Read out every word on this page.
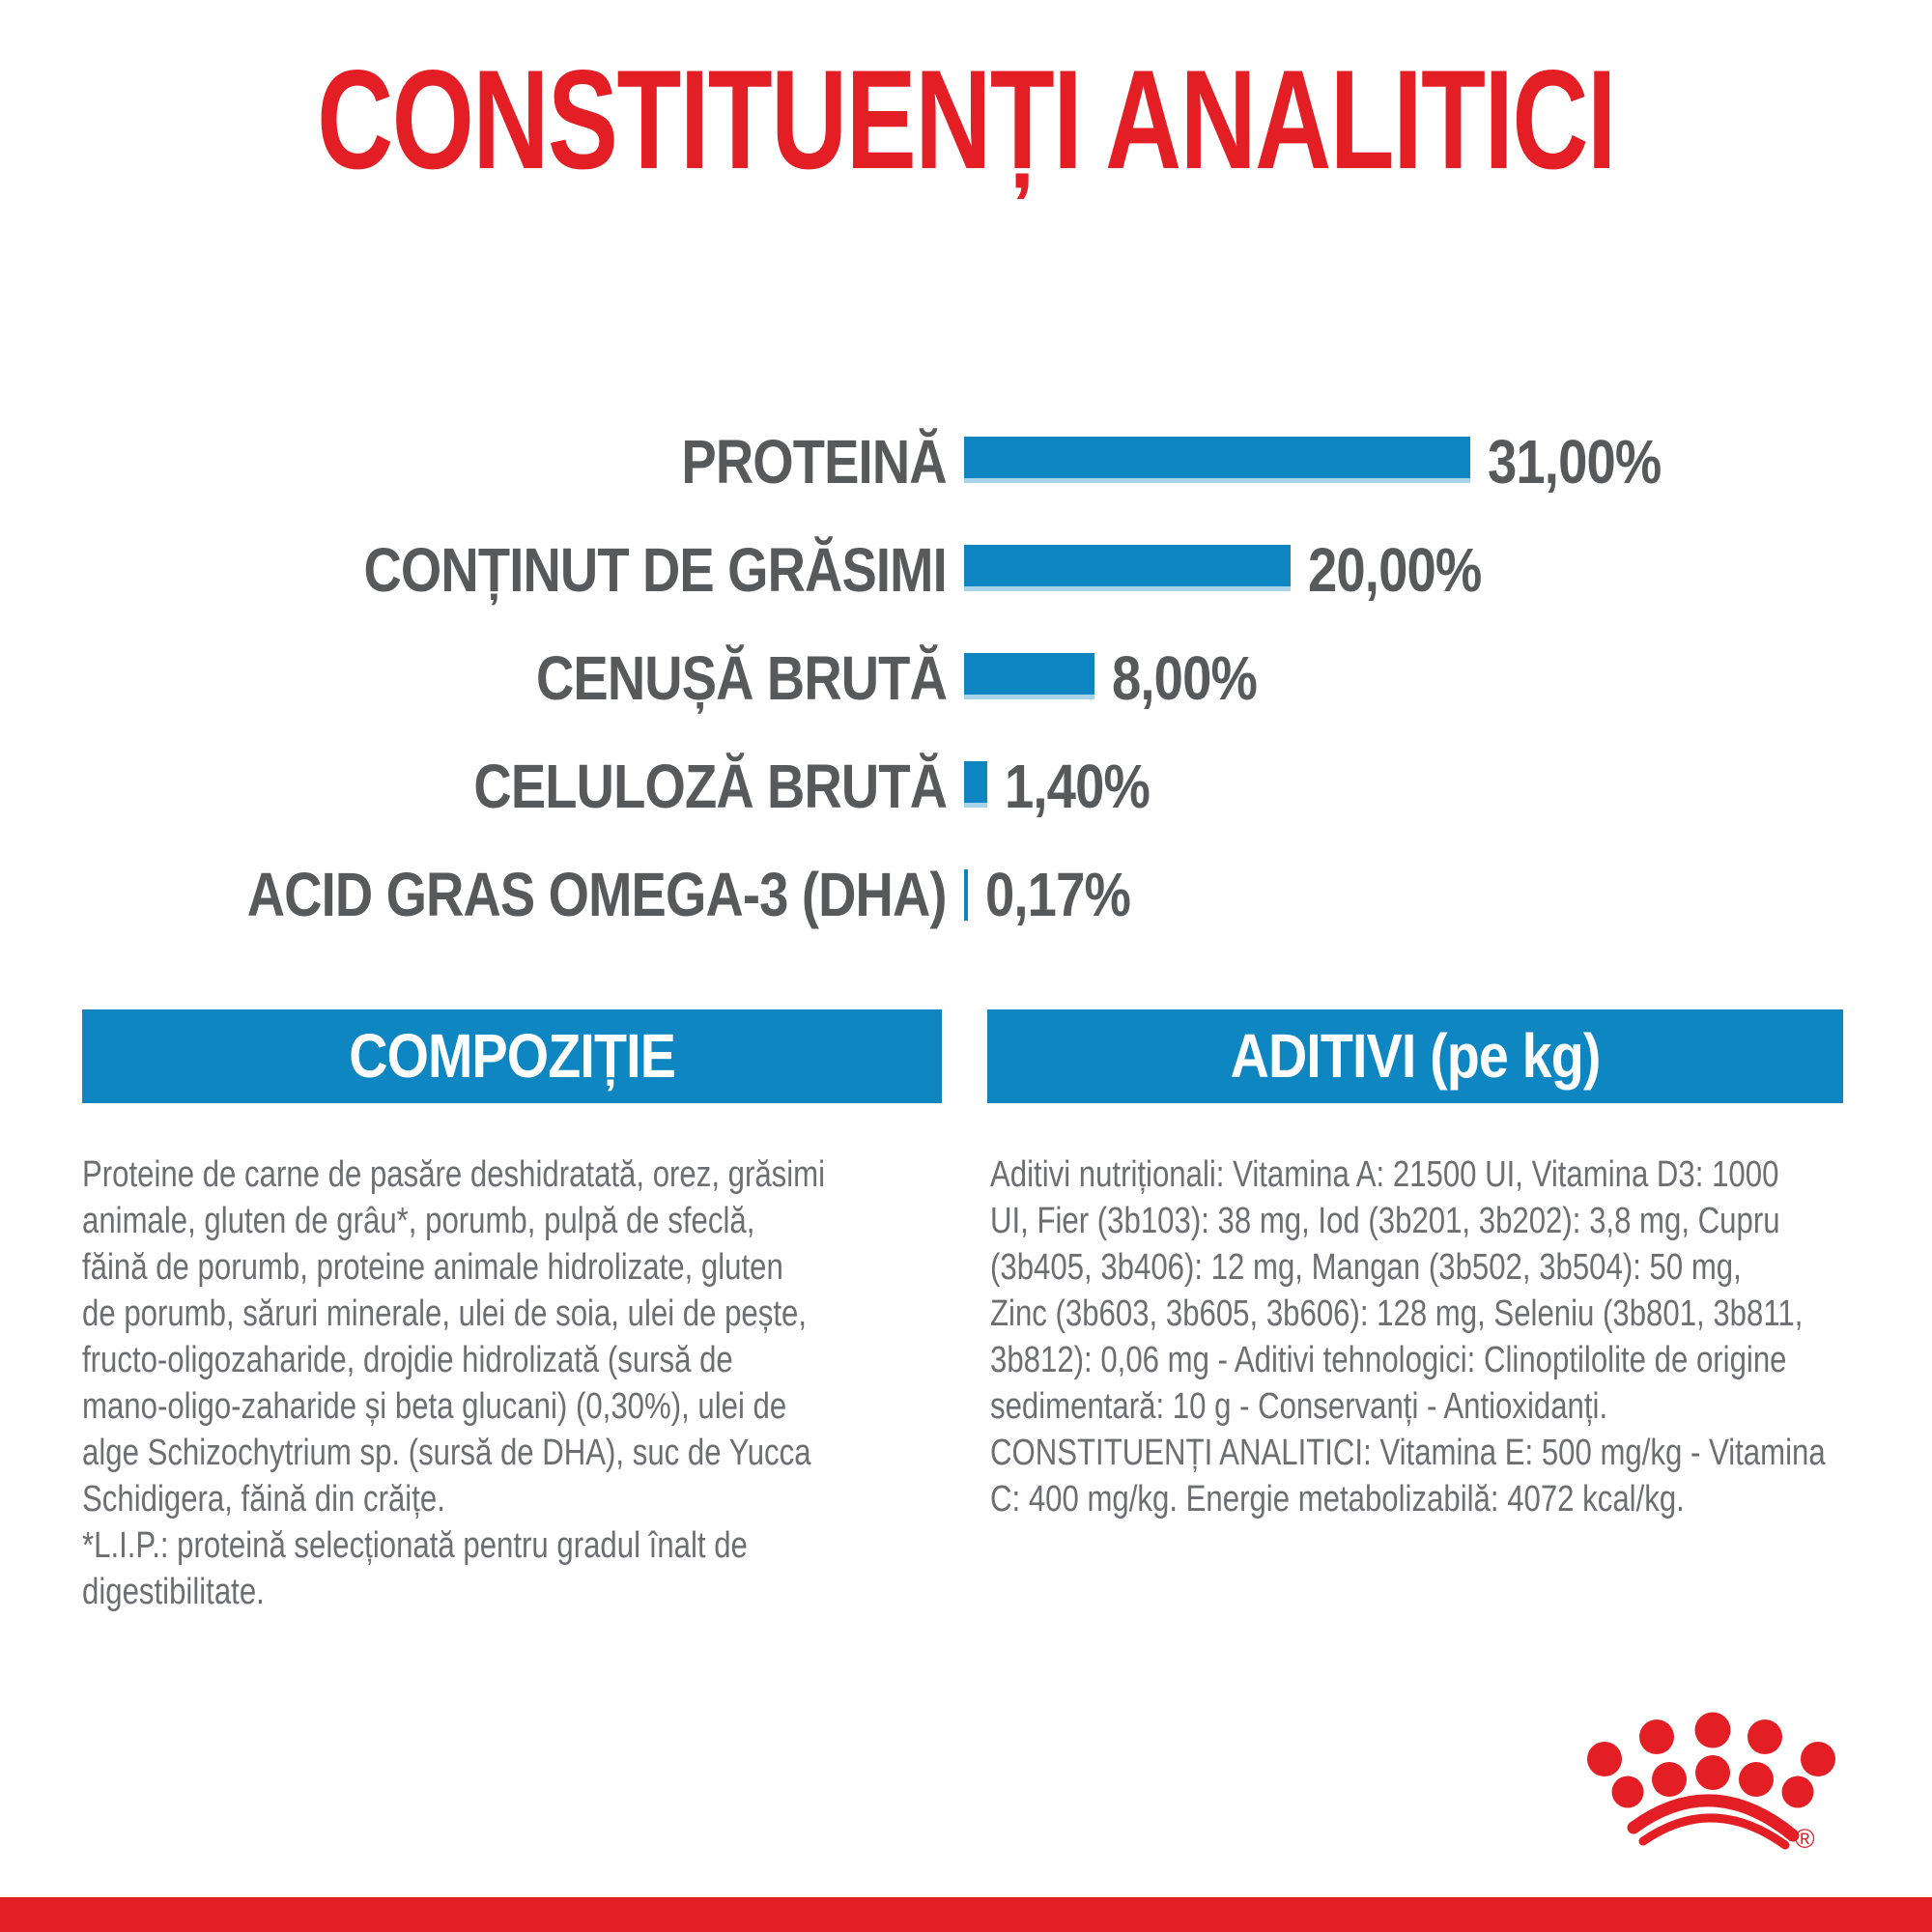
CONSTITUENȚI ANALITICI
PROTEINĂ	31,00%
CONȚINUT DE GRĂSIMI	20,00%
CENUȘĂ BRUTĂ	8,00%
CELULOZĂ BRUTĂ 1,40%
ACID GRAS OMEGA-3 (DHA) 0,17%
COMPOZIȚIE	ADITIVI (pe kg)
Proteine de carne de pasăre deshidratată, orez, grăsimi
animale, gluten de grâu*, porumb, pulpă de sfeclă,
făină de porumb, proteine animale hidrolizate, gluten
de porumb, săruri minerale, ulei de soia, ulei de pește,
fructo-oligozaharide, drojdie hidrolizată (sursă de
mano-oligo-zaharide și beta glucani) (0,30%), ulei de
alge Schizochytrium sp. (sursă de DHA), suc de Yucca
Schidigera, făină din crăițe.
*L.I.P.: proteină selecționată pentru gradul înalt de
digestibilitate.
Aditivi nutriționali: Vitamina A: 21500 UI, Vitamina D3: 1000
UI, Fier (3b103): 38 mg, Iod (3b201, 3b202): 3,8 mg, Cupru
(3b405, 3b406): 12 mg, Mangan (3b502, 3b504): 50 mg,
Zinc (3b603, 3b605, 3b606): 128 mg, Seleniu (3b801, 3b811,
3b812): 0,06 mg - Aditivi tehnologici: Clinoptilolite de origine
sedimentară: 10 g - Conservanți - Antioxidanți.
CONSTITUENȚI ANALITICI: Vitamina E: 500 mg/kg - Vitamina
C: 400 mg/kg. Energie metabolizabilă: 4072 kcal/kg.
®
